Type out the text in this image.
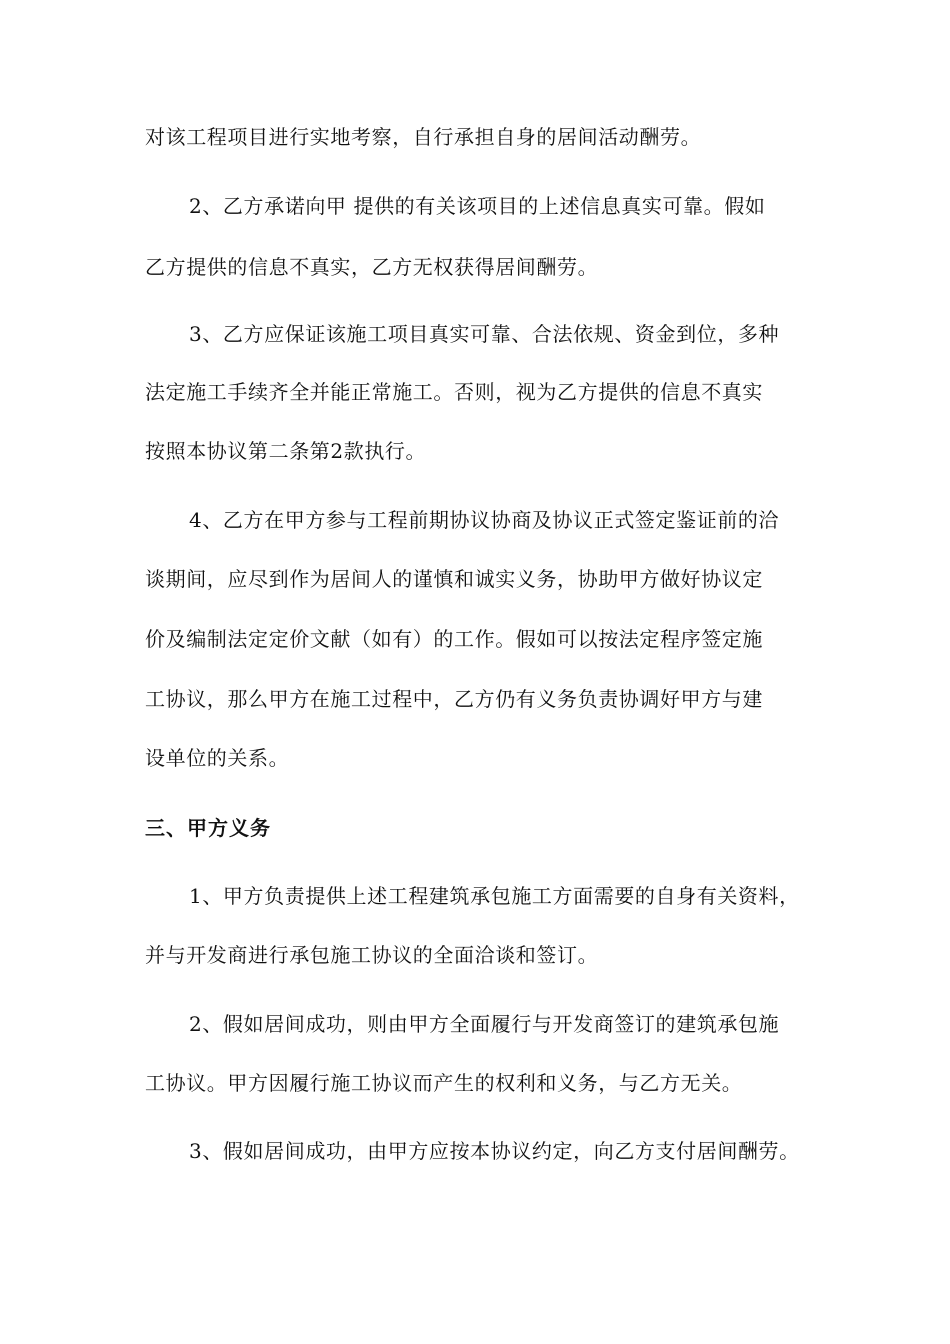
对该工程项目进行实地考察，自行承担自身的居间活动酬劳。
2、乙方承诺向甲 提供的有关该项目的上述信息真实可靠。假如
乙方提供的信息不真实，乙方无权获得居间酬劳。
3、乙方应保证该施工项目真实可靠、合法依规、资金到位，多种
法定施工手续齐全并能正常施工。否则，视为乙方提供的信息不真实
按照本协议第二条第2款执行。
4、乙方在甲方参与工程前期协议协商及协议正式签定鉴证前的洽
谈期间，应尽到作为居间人的谨慎和诚实义务，协助甲方做好协议定
价及编制法定定价文献（如有）的工作。假如可以按法定程序签定施
工协议，那么甲方在施工过程中，乙方仍有义务负责协调好甲方与建
设单位的关系。
三、甲方义务
1、甲方负责提供上述工程建筑承包施工方面需要的自身有关资料，
并与开发商进行承包施工协议的全面洽谈和签订。
2、假如居间成功，则由甲方全面履行与开发商签订的建筑承包施
工协议。甲方因履行施工协议而产生的权利和义务，与乙方无关。
3、假如居间成功，由甲方应按本协议约定，向乙方支付居间酬劳。
